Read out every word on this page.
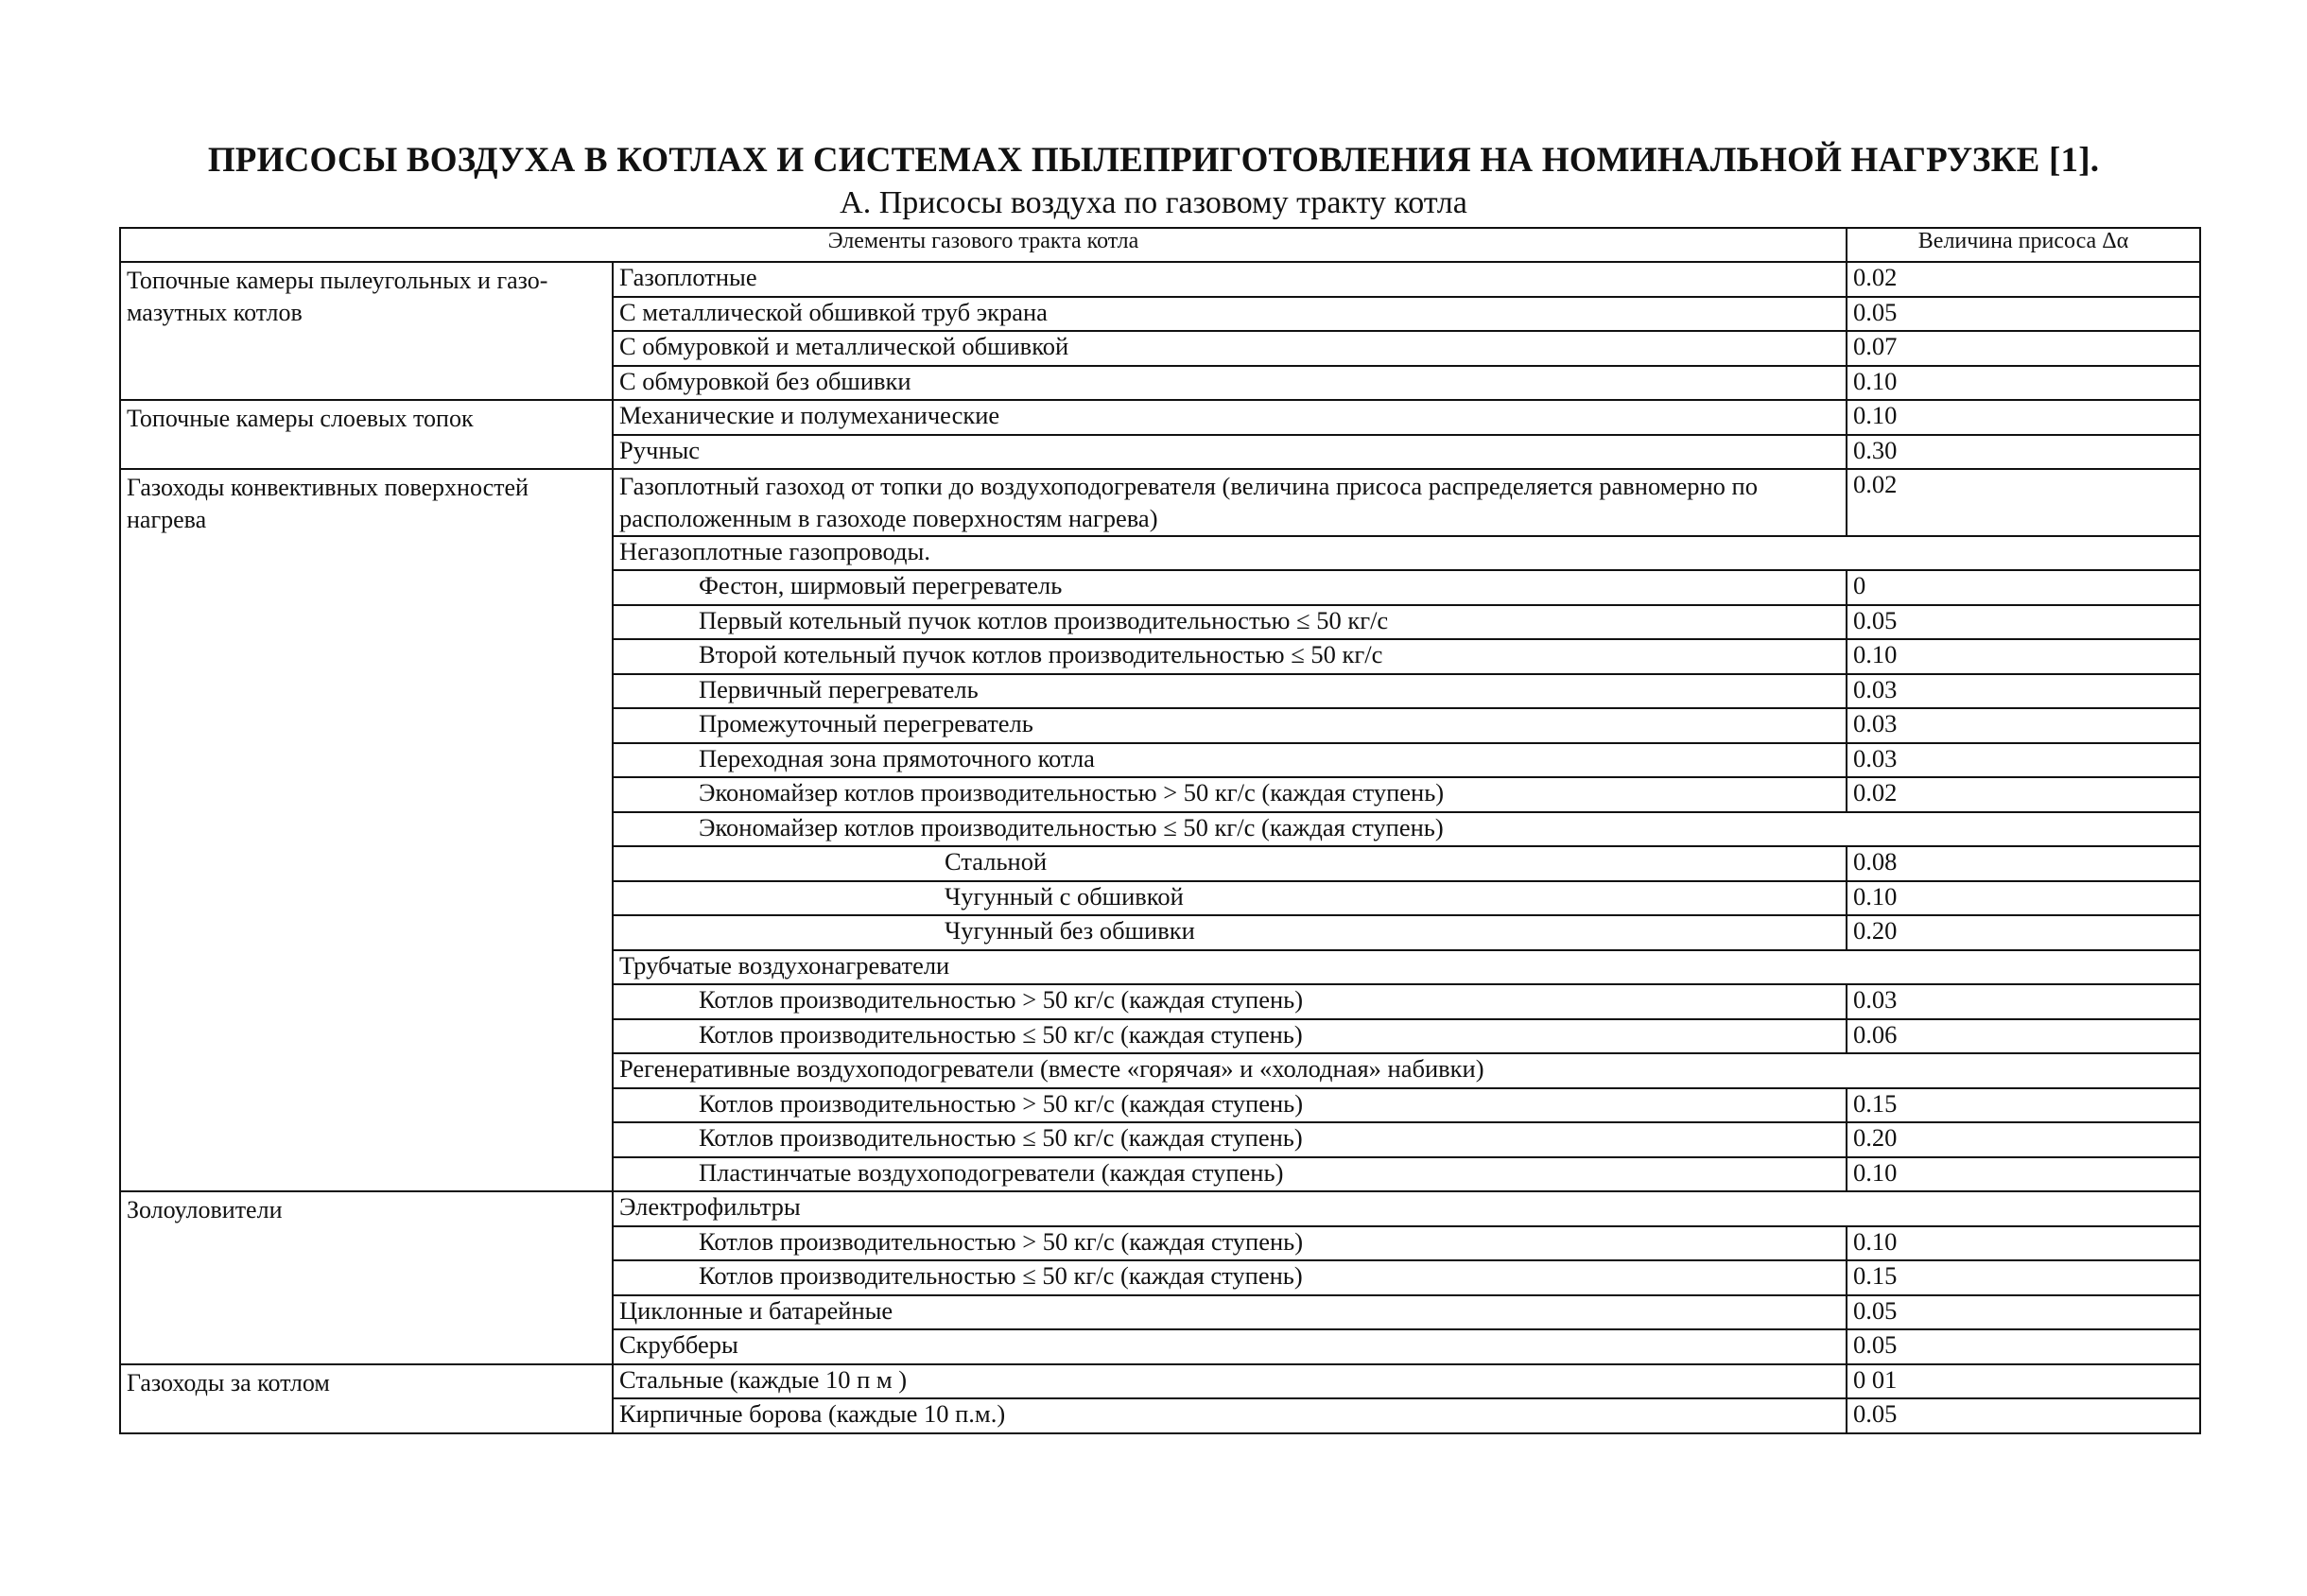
ПРИСОСЫ ВОЗДУХА В КОТЛАХ И СИСТЕМАХ ПЫЛЕПРИГОТОВЛЕНИЯ НА НОМИНАЛЬНОЙ НАГРУЗКЕ [1].
А. Присосы воздуха по газовому тракту котла
Элементы газового тракта котла		Величина присоса Δα
Топочные камеры пылеугольных и газо-мазутных котлов	Газоплотные	0.02
	С металлической обшивкой труб экрана	0.05
	С обмуровкой и металлической обшивкой	0.07
	С обмуровкой без обшивки	0.10
Топочные камеры слоевых топок	Механические и полумеханические	0.10
	Ручныс	0.30
Газоходы конвективных поверхностей нагрева	Газоплотный газоход от топки до воздухоподогревателя (величина присоса распределяется равномерно по расположенным в газоходе поверхностям нагрева)	0.02
	Негазоплотные газопроводы.	
	Фестон, ширмовый перегреватель	0
	Первый котельный пучок котлов производительностью ≤ 50 кг/с	0.05
	Второй котельный пучок котлов производительностью ≤ 50 кг/с	0.10
	Первичный перегреватель	0.03
	Промежуточный перегреватель	0.03
	Переходная зона прямоточного котла	0.03
	Экономайзер котлов производительностью > 50 кг/с (каждая ступень)	0.02
	Экономайзер котлов производительностью ≤ 50 кг/с (каждая ступень)	
	Стальной	0.08
	Чугунный с обшивкой	0.10
	Чугунный без обшивки	0.20
	Трубчатые воздухонагреватели	
	Котлов производительностью > 50 кг/с (каждая ступень)	0.03
	Котлов производительностью ≤ 50 кг/с (каждая ступень)	0.06
	Регенеративные воздухоподогреватели (вместе «горячая» и «холодная» набивки)	
	Котлов производительностью > 50 кг/с (каждая ступень)	0.15
	Котлов производительностью ≤ 50 кг/с (каждая ступень)	0.20
	Пластинчатые воздухоподогреватели (каждая ступень)	0.10
Золоуловители	Электрофильтры	
	Котлов производительностью > 50 кг/с (каждая ступень)	0.10
	Котлов производительностью ≤ 50 кг/с (каждая ступень)	0.15
	Циклонные и батарейные	0.05
	Скрубберы	0.05
Газоходы за котлом	Стальные (каждые 10 п м )	0 01
	Кирпичные борова (каждые 10 п.м.)	0.05
